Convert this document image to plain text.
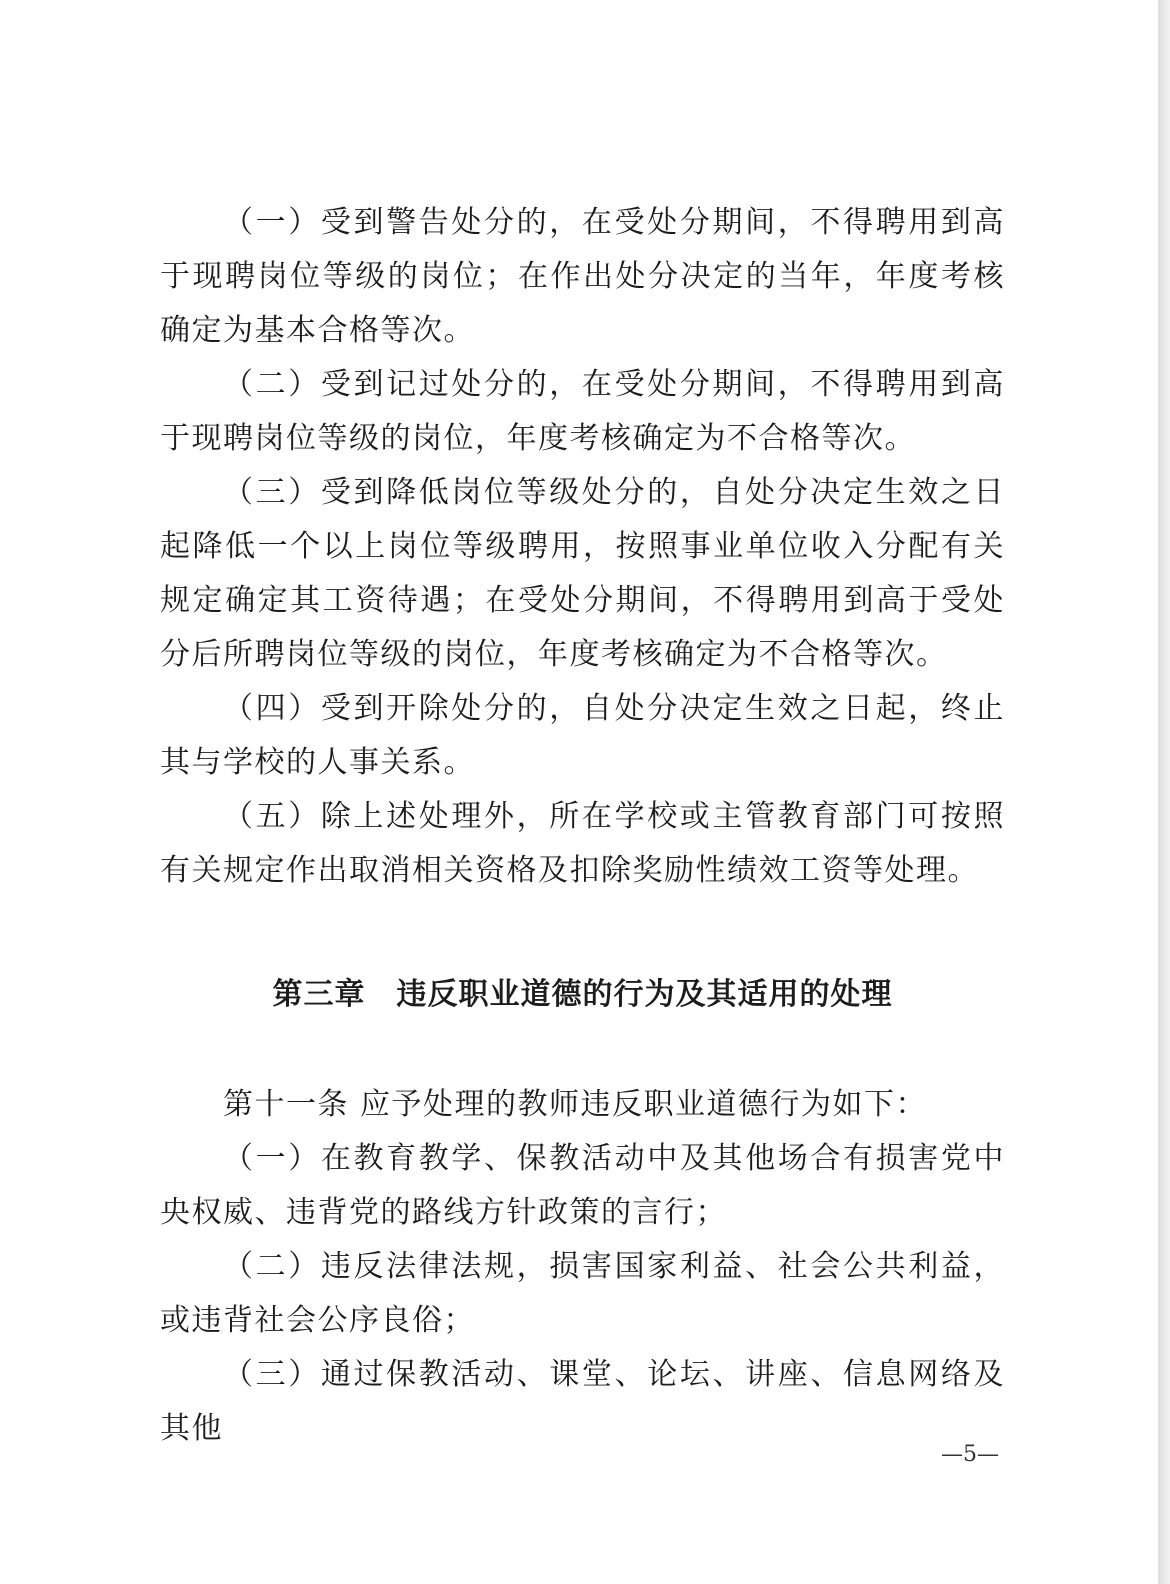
（一）受到警告处分的，在受处分期间，不得聘用到高于现聘岗位等级的岗位；在作出处分决定的当年，年度考核确定为基本合格等次。

（二）受到记过处分的，在受处分期间，不得聘用到高于现聘岗位等级的岗位，年度考核确定为不合格等次。

（三）受到降低岗位等级处分的，自处分决定生效之日起降低一个以上岗位等级聘用，按照事业单位收入分配有关规定确定其工资待遇；在受处分期间，不得聘用到高于受处分后所聘岗位等级的岗位，年度考核确定为不合格等次。

（四）受到开除处分的，自处分决定生效之日起，终止其与学校的人事关系。

（五）除上述处理外，所在学校或主管教育部门可按照有关规定作出取消相关资格及扣除奖励性绩效工资等处理。

第三章　违反职业道德的行为及其适用的处理

第十一条 应予处理的教师违反职业道德行为如下：

（一）在教育教学、保教活动中及其他场合有损害党中央权威、违背党的路线方针政策的言行；

（二）违反法律法规，损害国家利益、社会公共利益，或违背社会公序良俗；

（三）通过保教活动、课堂、论坛、讲座、信息网络及其他

—5—
